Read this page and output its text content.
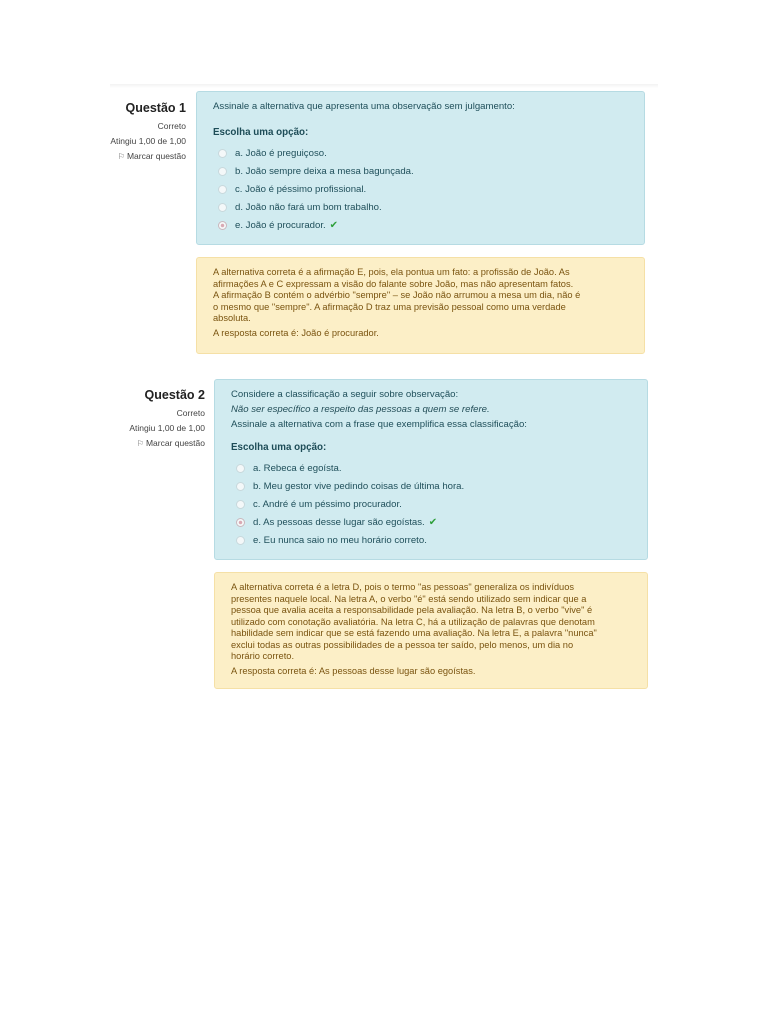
Questão 1
Correto
Atingiu 1,00 de 1,00
⚐ Marcar questão

Assinale a alternativa que apresenta uma observação sem julgamento:

Escolha uma opção:
a. João é preguiçoso.
b. João sempre deixa a mesa bagunçada.
c. João é péssimo profissional.
d. João não fará um bom trabalho.
e. João é procurador. ✔

A alternativa correta é a afirmação E, pois, ela pontua um fato: a profissão de João. As

afirmações A e C expressam a visão do falante sobre João, mas não apresentam fatos.

A afirmação B contém o advérbio "sempre" – se João não arrumou a mesa um dia, não é

o mesmo que "sempre". A afirmação D traz uma previsão pessoal como uma verdade

absoluta.

A resposta correta é: João é procurador.

Questão 2
Correto
Atingiu 1,00 de 1,00
⚐ Marcar questão

Considere a classificação a seguir sobre observação:

Não ser específico a respeito das pessoas a quem se refere.

Assinale a alternativa com a frase que exemplifica essa classificação:

Escolha uma opção:
a. Rebeca é egoísta.
b. Meu gestor vive pedindo coisas de última hora.
c. André é um péssimo procurador.
d. As pessoas desse lugar são egoístas. ✔
e. Eu nunca saio no meu horário correto.

A alternativa correta é a letra D, pois o termo "as pessoas" generaliza os indivíduos

presentes naquele local. Na letra A, o verbo "é" está sendo utilizado sem indicar que a

pessoa que avalia aceita a responsabilidade pela avaliação. Na letra B, o verbo "vive" é

utilizado com conotação avaliatória. Na letra C, há a utilização de palavras que denotam

habilidade sem indicar que se está fazendo uma avaliação. Na letra E, a palavra "nunca"

exclui todas as outras possibilidades de a pessoa ter saído, pelo menos, um dia no

horário correto.

A resposta correta é: As pessoas desse lugar são egoístas.
